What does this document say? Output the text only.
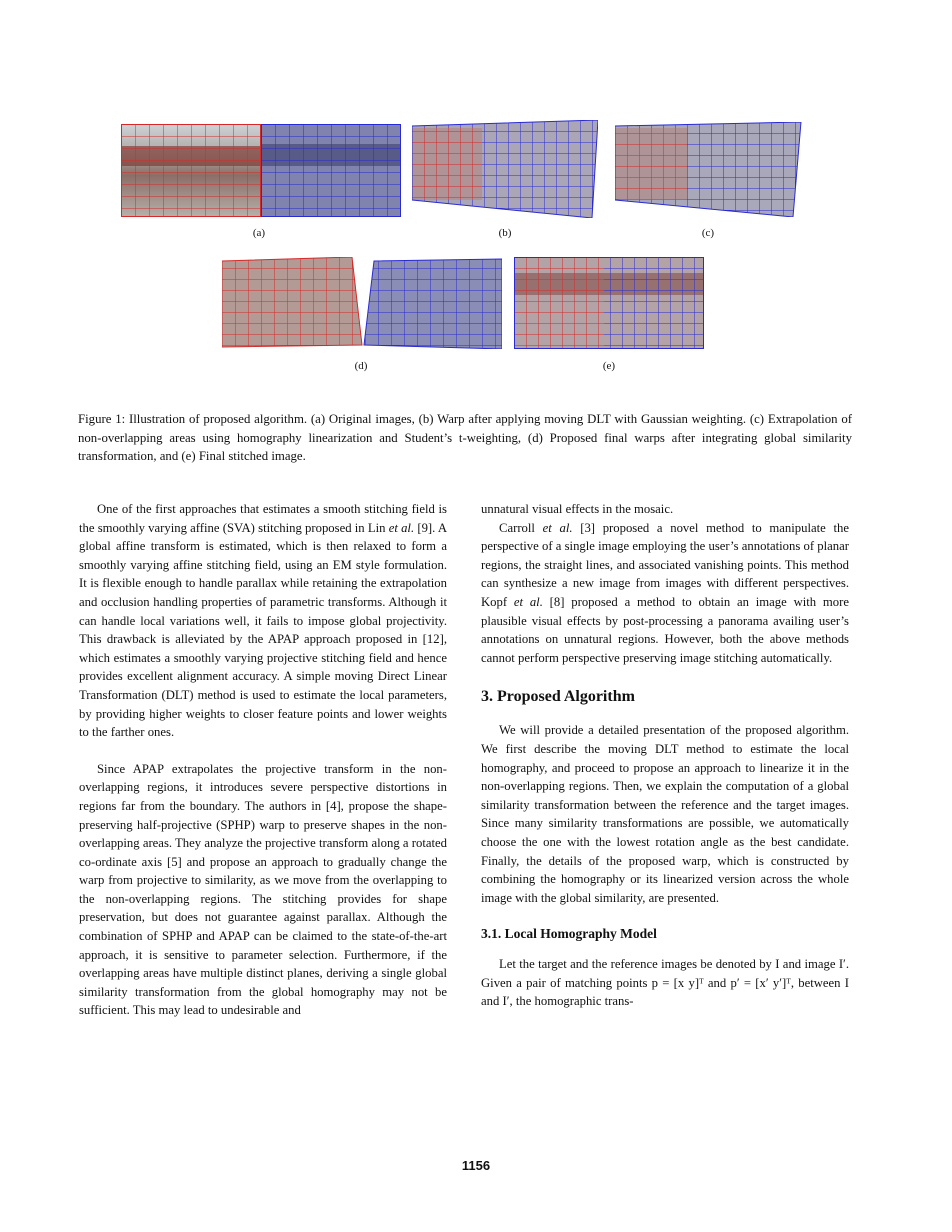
(a)	(b)	(c)
(d)	(e)
Figure 1: Illustration of proposed algorithm. (a) Original images, (b) Warp after applying moving DLT with Gaussian weighting. (c) Extrapolation of non-overlapping areas using homography linearization and Student’s t-weighting, (d) Proposed final warps after integrating global similarity transformation, and (e) Final stitched image.

One of the first approaches that estimates a smooth stitching field is the smoothly varying affine (SVA) stitching proposed in Lin et al. [9]. A global affine transform is estimated, which is then relaxed to form a smoothly varying affine stitching field, using an EM style formulation. It is flexible enough to handle parallax while retaining the extrapolation and occlusion handling properties of parametric transforms. Although it can handle local variations well, it fails to impose global projectivity. This drawback is alleviated by the APAP approach proposed in [12], which estimates a smoothly varying projective stitching field and hence provides excellent alignment accuracy. A simple moving Direct Linear Transformation (DLT) method is used to estimate the local parameters, by providing higher weights to closer feature points and lower weights to the farther ones.

Since APAP extrapolates the projective transform in the non-overlapping regions, it introduces severe perspective distortions in regions far from the boundary. The authors in [4], propose the shape-preserving half-projective (SPHP) warp to preserve shapes in the non-overlapping areas. They analyze the projective transform along a rotated co-ordinate axis [5] and propose an approach to gradually change the warp from projective to similarity, as we move from the overlapping to the non-overlapping regions. The stitching provides for shape preservation, but does not guarantee against parallax. Although the combination of SPHP and APAP can be claimed to the state-of-the-art approach, it is sensitive to parameter selection. Furthermore, if the overlapping areas have multiple distinct planes, deriving a single global similarity transformation from the global homography may not be sufficient. This may lead to undesirable and

unnatural visual effects in the mosaic.

Carroll et al. [3] proposed a novel method to manipulate the perspective of a single image employing the user’s annotations of planar regions, the straight lines, and associated vanishing points. This method can synthesize a new image from images with different perspectives. Kopf et al. [8] proposed a method to obtain an image with more plausible visual effects by post-processing a panorama availing user’s annotations on unnatural regions. However, both the above methods cannot perform perspective preserving image stitching automatically.

3. Proposed Algorithm

We will provide a detailed presentation of the proposed algorithm. We first describe the moving DLT method to estimate the local homography, and proceed to propose an approach to linearize it in the non-overlapping regions. Then, we explain the computation of a global similarity transformation between the reference and the target images. Since many similarity transformations are possible, we automatically choose the one with the lowest rotation angle as the best candidate. Finally, the details of the proposed warp, which is constructed by combining the homography or its linearized version across the whole image with the global similarity, are presented.

3.1. Local Homography Model

Let the target and the reference images be denoted by I and image I′. Given a pair of matching points p = [x y]ᵀ and p′ = [x′ y′]ᵀ, between I and I′, the homographic trans-

1156
